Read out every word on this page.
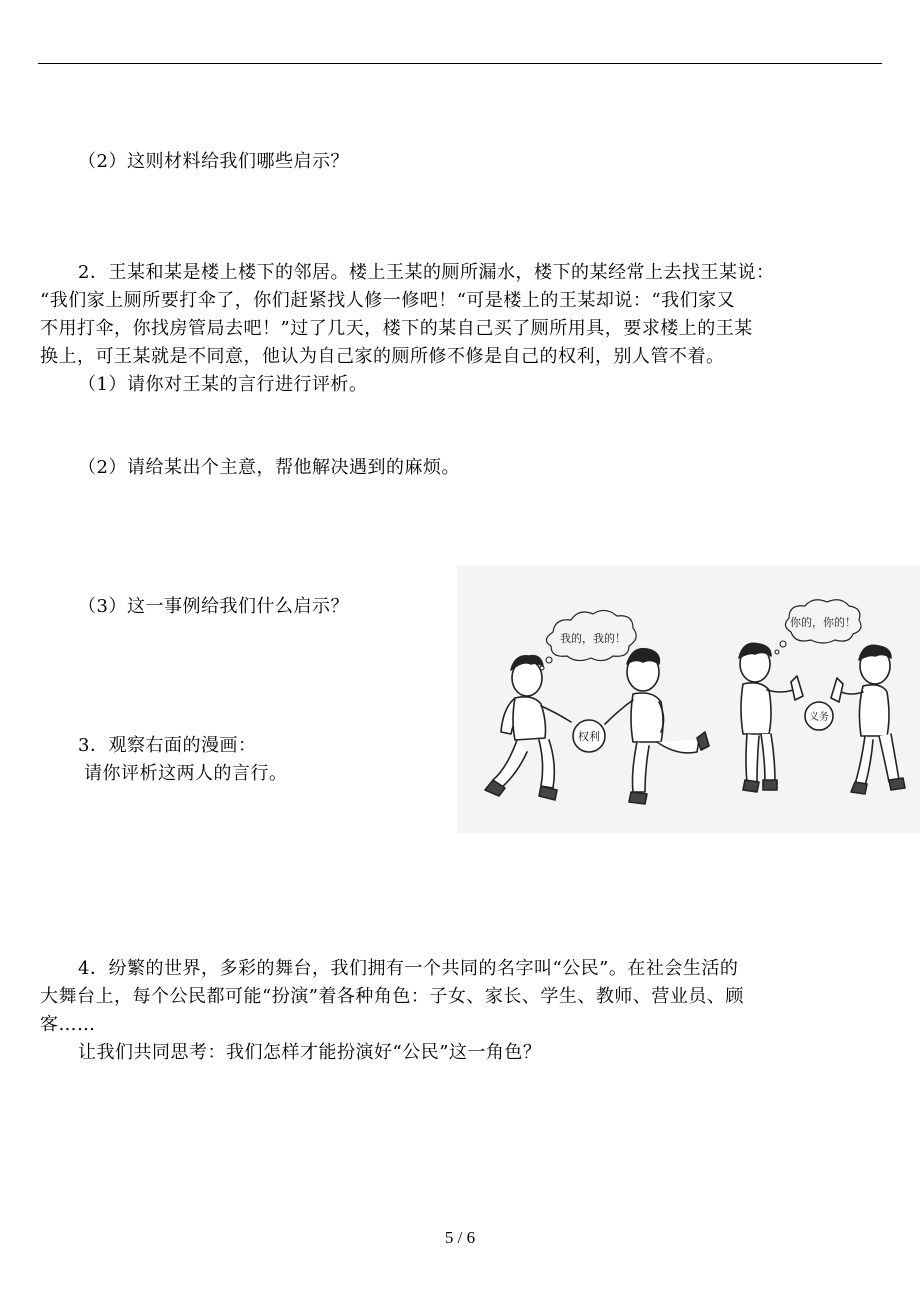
（2）这则材料给我们哪些启示？
2．王某和某是楼上楼下的邻居。楼上王某的厕所漏水，楼下的某经常上去找王某说：
“我们家上厕所要打伞了，你们赶紧找人修一修吧！“可是楼上的王某却说：“我们家又
不用打伞，你找房管局去吧！”过了几天，楼下的某自己买了厕所用具，要求楼上的王某
换上，可王某就是不同意，他认为自己家的厕所修不修是自己的权利，别人管不着。
（1）请你对王某的言行进行评析。
（2）请给某出个主意，帮他解决遇到的麻烦。
（3）这一事例给我们什么启示？
3．观察右面的漫画：
请你评析这两人的言行。
我的，我的！
权利
你的，你的！
义务
4．纷繁的世界，多彩的舞台，我们拥有一个共同的名字叫“公民”。在社会生活的
大舞台上，每个公民都可能“扮演”着各种角色：子女、家长、学生、教师、营业员、顾
客……
让我们共同思考：我们怎样才能扮演好“公民”这一角色？
5 / 6
